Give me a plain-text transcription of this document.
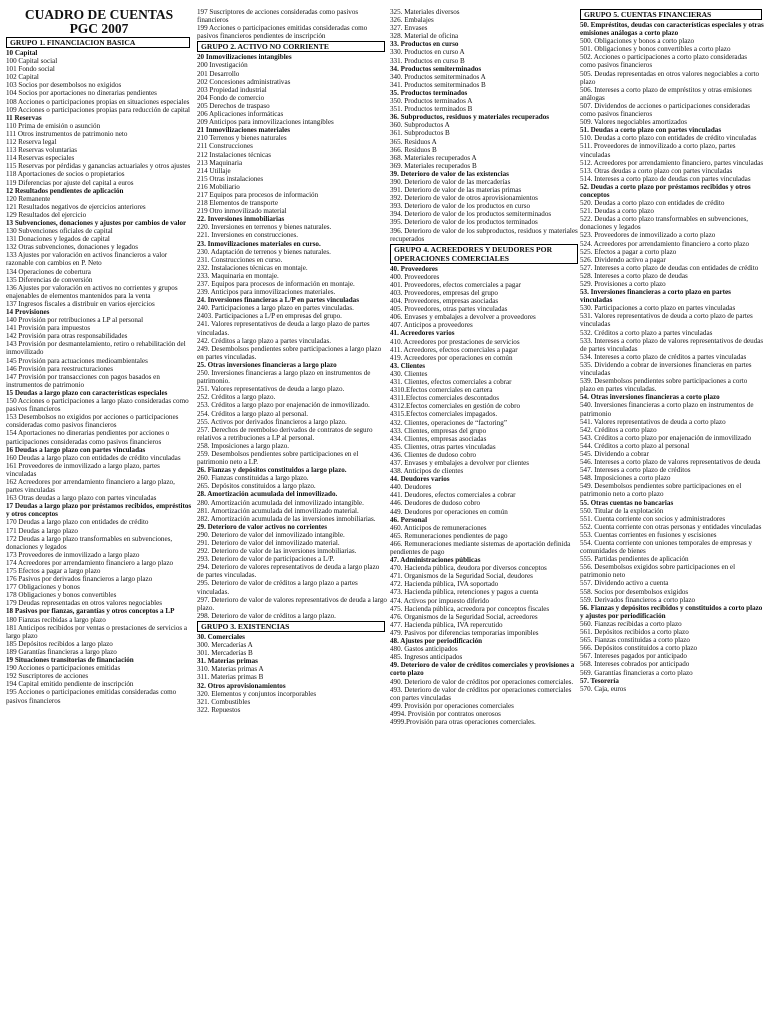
CUADRO DE CUENTAS
PGC 2007
GRUPO 1. FINANCIACION BASICA
10 Capital
100 Capital social
101 Fondo social
102 Capital
103 Socios por desembolsos no exigidos
104 Socios por aportaciones no dinerarias pendientes
108 Acciones o participaciones propias en situaciones especiales
109 Acciones o participaciones propias para reducción de capital
11 Reservas
110 Prima de emisión o asunción
111 Otros instrumentos de patrimonio neto
112 Reserva legal
113 Reservas voluntarias
114 Reservas especiales
115 Reservas por pérdidas y ganancias actuariales y otros ajustes
118 Aportaciones de socios o propietarios
119 Diferencias por ajuste del capital a euros
12 Resultados pendientes de aplicación
120 Remanente
121 Resultados negativos de ejercicios anteriores
129 Resultados del ejercicio
13 Subvenciones, donaciones y ajustes por cambios de valor
130 Subvenciones oficiales de capital
131 Donaciones y legados de capital
132 Otras subvenciones, donaciones y legados
133 Ajustes por valoración en activos financieros a valor razonable con cambios en P. Neto
134 Operaciones de cobertura
135 Diferencias de conversión
136 Ajustes por valoración en activos no corrientes y grupos enajenables de elementos mantenidos para la venta
137 Ingresos fiscales a distribuir en varios ejercicios
14 Provisiones
140 Provisión por retribuciones a LP al personal
141 Provisión para impuestos
142 Provisión para otras responsabilidades
143 Provisión por desmantelamiento, retiro o rehabilitación del inmovilizado
145 Provisión para actuaciones medioambientales
146 Provisión para reestructuraciones
147 Provisión por transacciones con pagos basados en instrumentos de patrimonio
15 Deudas a largo plazo con características especiales
150 Acciones o participaciones a largo plazo consideradas como pasivos financieros
153 Desembolsos no exigidos por acciones o participaciones consideradas como pasivos financieros
154 Aportaciones no dinerarias pendientes por acciones o participaciones consideradas como pasivos financieros
16 Deudas a largo plazo con partes vinculadas
160 Deudas a largo plazo con entidades de crédito vinculadas
161 Proveedores de inmovilizado a largo plazo, partes vinculadas
162 Acreedores por arrendamiento financiero a largo plazo, partes vinculadas
163 Otras deudas a largo plazo con partes vinculadas
17 Deudas a largo plazo por préstamos recibidos, empréstitos y otros conceptos
170 Deudas a largo plazo con entidades de crédito
171 Deudas a largo plazo
172 Deudas a largo plazo transformables en subvenciones, donaciones y legados
173 Proveedores de inmovilizado a largo plazo
174 Acreedores por arrendamiento financiero a largo plazo
175 Efectos a pagar a largo plazo
176 Pasivos por derivados financieros a largo plazo
177 Obligaciones y bonos
178 Obligaciones y bonos convertibles
179 Deudas representadas en otros valores negociables
18 Pasivos por fianzas, garantías y otros conceptos a LP
180 Fianzas recibidas a largo plazo
181 Anticipos recibidos por ventas o prestaciones de servicios a largo plazo
185 Depósitos recibidos a largo plazo
189 Garantías financieras a largo plazo
19 Situaciones transitorias de financiación
190 Acciones o participaciones emitidas
192 Suscriptores de acciones
194 Capital emitido pendiente de inscripción
195 Acciones o participaciones emitidas consideradas como pasivos financieros
197 Suscriptores de acciones consideradas como pasivos financieros
199 Acciones o participaciones emitidas consideradas como pasivos financieros pendientes de inscripción
GRUPO 2. ACTIVO NO CORRIENTE
20 Inmovilizaciones intangibles
200 Investigación
201 Desarrollo
202 Concesiones administrativas
203 Propiedad industrial
204 Fondo de comercio
205 Derechos de traspaso
206 Aplicaciones informáticas
209 Anticipos para inmovilizaciones intangibles
21 Inmovilizaciones materiales
210 Terrenos y bienes naturales
211 Construcciones
212 Instalaciones técnicas
213 Maquinaria
214 Utillaje
215 Otras instalaciones
216 Mobiliario
217 Equipos para procesos de información
218 Elementos de transporte
219 Otro inmovilizado material
22. Inversiones inmobiliarias
220. Inversiones en terrenos y bienes naturales.
221. Inversiones en construcciones.
23. Inmovilizaciones materiales en curso.
230. Adaptación de terrenos y bienes naturales.
231. Construcciones en curso.
232. Instalaciones técnicas en montaje.
233. Maquinaria en montaje.
237. Equipos para procesos de información en montaje.
239. Anticipos para inmovilizaciones materiales.
24. Inversiones financieras a L/P en partes vinculadas
240. Participaciones a largo plazo en partes vinculadas.
2403. Participaciones a L/P en empresas del grupo.
241. Valores representativos de deuda a largo plazo de partes vinculadas.
242. Créditos a largo plazo a partes vinculadas.
249. Desembolsos pendientes sobre participaciones a largo plazo en partes vinculadas.
25. Otras inversiones financieras a largo plazo
250. Inversiones financieras a largo plazo en instrumentos de patrimonio.
251. Valores representativos de deuda a largo plazo.
252. Créditos a largo plazo.
253. Créditos a largo plazo por enajenación de inmovilizado.
254. Créditos a largo plazo al personal.
255. Activos por derivados financieros a largo plazo.
257. Derechos de reembolso derivados de contratos de seguro relativos a retribuciones a LP al personal.
258. Imposiciones a largo plazo.
259. Desembolsos pendientes sobre participaciones en el patrimonio neto a LP.
26. Fianzas y depósitos constituidos a largo plazo.
260. Fianzas constituidas a largo plazo.
265. Depósitos constituidos a largo plazo.
28. Amortización acumulada del inmovilizado.
280. Amortización acumulada del inmovilizado intangible.
281. Amortización acumulada del inmovilizado material.
282. Amortización acumulada de las inversiones inmobiliarias.
29. Deterioro de valor activos no corrientes
290. Deterioro de valor del inmovilizado intangible.
291. Deterioro de valor del inmovilizado material.
292. Deterioro de valor de las inversiones inmobiliarias.
293. Deterioro de valor de participaciones a L/P.
294. Deterioro de valores representativos de deuda a largo plazo de partes vinculadas.
295. Deterioro de valor de créditos a largo plazo a partes vinculadas.
297. Deterioro de valor de valores representativos de deuda a largo plazo.
298. Deterioro de valor de créditos a largo plazo.
GRUPO 3. EXISTENCIAS
30. Comerciales
300. Mercaderías A
301. Mercaderías B
31. Materias primas
310. Materias primas A
311. Materias primas B
32. Otros aprovisionamientos
320. Elementos y conjuntos incorporables
321. Combustibles
322. Repuestos
325. Materiales diversos
326. Embalajes
327. Envases
328. Material de oficina
33. Productos en curso
330. Productos en curso A
331. Productos en curso B
34. Productos semiterminados
340. Productos semiterminados A
341. Productos semiterminados B
35. Productos terminados
350. Productos terminados A
351. Productos terminados B
36. Subproductos, residuos y materiales recuperados
360. Subproductos A
361. Subproductos B
365. Residuos A
366. Residuos B
368. Materiales recuperados A
369. Materiales recuperados B
39. Deterioro de valor de las existencias
390. Deterioro de valor de las mercaderías
391. Deterioro de valor de las materias primas
392. Deterioro de valor de otros aprovisionamientos
393. Deterioro de valor de los productos en curso
394. Deterioro de valor de los productos semiterminados
395. Deterioro de valor de los productos terminados
396. Deterioro de valor de los subproductos, residuos y materiales recuperados
GRUPO 4. ACREEDORES Y DEUDORES POR OPERACIONES COMERCIALES
40. Proveedores
400. Proveedores
401. Proveedores, efectos comerciales a pagar
403. Proveedores, empresas del grupo
404. Proveedores, empresas asociadas
405. Proveedores, otras partes vinculadas
406. Envases y embalajes a devolver a proveedores
407. Anticipos a proveedores
41. Acreedores varios
410. Acreedores por prestaciones de servicios
411. Acreedores, efectos comerciales a pagar
419. Acreedores por operaciones en común
43. Clientes
430. Clientes
431. Clientes, efectos comerciales a cobrar
4310.Efectos comerciales en cartera
4311.Efectos comerciales descontados
4312.Efectos comerciales en gestión de cobro
4315.Efectos comerciales impagados.
432. Clientes, operaciones de “factoring”
433. Clientes, empresas del grupo
434. Clientes, empresas asociadas
435. Clientes, otras partes vinculadas
436. Clientes de dudoso cobro
437. Envases y embalajes a devolver por clientes
438. Anticipos de clientes
44. Deudores varios
440. Deudores
441. Deudores, efectos comerciales a cobrar
446. Deudores de dudoso cobro
449. Deudores por operaciones en común
46. Personal
460. Anticipos de remuneraciones
465. Remuneraciones pendientes de pago
466. Remuneraciones mediante sistemas de aportación definida pendientes de pago
47. Administraciones públicas
470. Hacienda pública, deudora por diversos conceptos
471. Organismos de la Seguridad Social, deudores
472. Hacienda pública, IVA soportado
473. Hacienda pública, retenciones y pagos a cuenta
474. Activos por impuesto diferido
475. Hacienda pública, acreedora por conceptos fiscales
476. Organismos de la Seguridad Social, acreedores
477. Hacienda pública, IVA repercutido
479. Pasivos por diferencias temporarias imponibles
48. Ajustes por periodificación
480. Gastos anticipados
485. Ingresos anticipados
49. Deterioro de valor de créditos comerciales y provisiones a corto plazo
490. Deterioro de valor de créditos por operaciones comerciales.
493. Deterioro de valor de créditos por operaciones comerciales con partes vinculadas
499. Provisión por operaciones comerciales
4994. Provisión por contratos onerosos
4999.Provisión para otras operaciones comerciales.
GRUPO 5. CUENTAS FINANCIERAS
50. Empréstitos, deudas con características especiales y otras emisiones análogas a corto plazo
500. Obligaciones y bonos a corto plazo
501. Obligaciones y bonos convertibles a corto plazo
502. Acciones o participaciones a corto plazo consideradas como pasivos financieros
505. Deudas representadas en otros valores negociables a corto plazo
506. Intereses a corto plazo de empréstitos y otras emisiones análogas
507. Dividendos de acciones o participaciones consideradas como pasivos financieros
509. Valores negociables amortizados
51. Deudas a corto plazo con partes vinculadas
510. Deudas a corto plazo con entidades de crédito vinculadas
511. Proveedores de inmovilizado a corto plazo, partes vinculadas
512. Acreedores por arrendamiento financiero, partes vinculadas
513. Otras deudas a corto plazo con partes vinculadas
514. Intereses a corto plazo de deudas con partes vinculadas
52. Deudas a corto plazo por préstamos recibidos y otros conceptos
520. Deudas a corto plazo con entidades de crédito
521. Deudas a corto plazo
522. Deudas a corto plazo transformables en subvenciones, donaciones y legados
523. Proveedores de inmovilizado a corto plazo
524. Acreedores por arrendamiento financiero a corto plazo
525. Efectos a pagar a corto plazo
526. Dividendo activo a pagar
527. Intereses a corto plazo de deudas con entidades de crédito
528. Intereses a corto plazo de deudas
529. Provisiones a corto plazo
53. Inversiones financieras a corto plazo en partes vinculadas
530. Participaciones a corto plazo en partes vinculadas
531. Valores representativos de deuda a corto plazo de partes vinculadas
532. Créditos a corto plazo a partes vinculadas
533. Intereses a corto plazo de valores representativos de deudas de partes vinculadas
534. Intereses a corto plazo de créditos a partes vinculadas
535. Dividendo a cobrar de inversiones financieras en partes vinculadas
539. Desembolsos pendientes sobre participaciones a corto plazo en partes vinculadas.
54. Otras inversiones financieras a corto plazo
540. Inversiones financieras a corto plazo en instrumentos de patrimonio
541. Valores representativos de deuda a corto plazo
542. Créditos a corto plazo
543. Créditos a corto plazo por enajenación de inmovilizado
544. Créditos a corto plazo al personal
545. Dividendo a cobrar
546. Intereses a corto plazo de valores representativos de deuda
547. Intereses a corto plazo de créditos
548. Imposiciones a corto plazo
549. Desembolsos pendientes sobre participaciones en el patrimonio neto a corto plazo
55. Otras cuentas no bancarias
550. Titular de la explotación
551. Cuenta corriente con socios y administradores
552. Cuenta corriente con otras personas y entidades vinculadas
553. Cuentas corrientes en fusiones y escisiones
554. Cuenta corriente con uniones temporales de empresas y comunidades de bienes
555. Partidas pendientes de aplicación
556. Desembolsos exigidos sobre participaciones en el patrimonio neto
557. Dividendo activo a cuenta
558. Socios por desembolsos exigidos
559. Derivados financieros a corto plazo
56. Fianzas y depósitos recibidos y constituidos a corto plazo y ajustes por periodificación
560. Fianzas recibidas a corto plazo
561. Depósitos recibidos a corto plazo
565. Fianzas constituidas a corto plazo
566. Depósitos constituidos a corto plazo
567. Intereses pagados por anticipado
568. Intereses cobrados por anticipado
569. Garantías financieras a corto plazo
57. Tesorería
570. Caja, euros
